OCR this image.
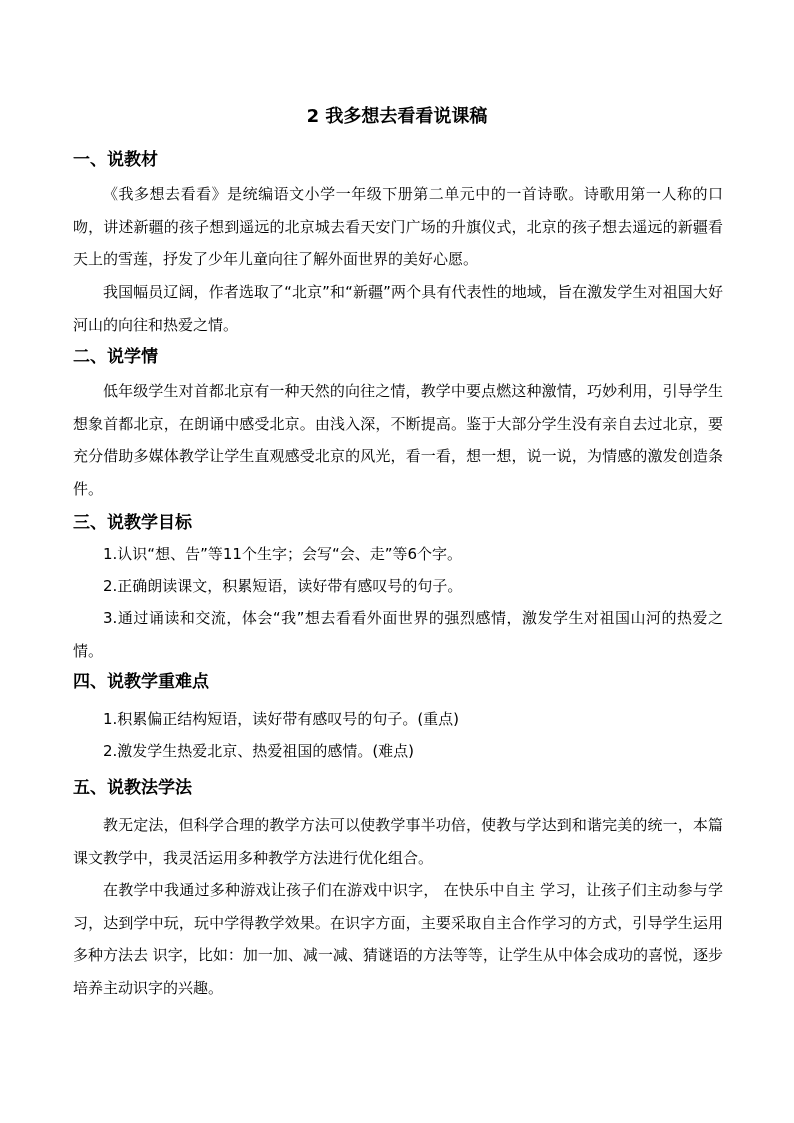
2 我多想去看看说课稿
一、说教材
《我多想去看看》是统编语文小学一年级下册第二单元中的一首诗歌。诗歌用第一人称的口吻，讲述新疆的孩子想到遥远的北京城去看天安门广场的升旗仪式，北京的孩子想去遥远的新疆看天上的雪莲，抒发了少年儿童向往了解外面世界的美好心愿。
我国幅员辽阔，作者选取了“北京”和“新疆”两个具有代表性的地域，旨在激发学生对祖国大好河山的向往和热爱之情。
二、说学情
低年级学生对首都北京有一种天然的向往之情，教学中要点燃这种激情，巧妙利用，引导学生想象首都北京，在朗诵中感受北京。由浅入深，不断提高。鉴于大部分学生没有亲自去过北京，要充分借助多媒体教学让学生直观感受北京的风光，看一看，想一想，说一说，为情感的激发创造条件。
三、说教学目标
1.认识“想、告”等11个生字；会写“会、走”等6个字。
2.正确朗读课文，积累短语，读好带有感叹号的句子。
3.通过诵读和交流，体会“我”想去看看外面世界的强烈感情，激发学生对祖国山河的热爱之情。
四、说教学重难点
1.积累偏正结构短语，读好带有感叹号的句子。(重点)
2.激发学生热爱北京、热爱祖国的感情。(难点)
五、说教法学法
教无定法，但科学合理的教学方法可以使教学事半功倍，使教与学达到和谐完美的统一，本篇课文教学中，我灵活运用多种教学方法进行优化组合。
在教学中我通过多种游戏让孩子们在游戏中识字， 在快乐中自主 学习，让孩子们主动参与学习，达到学中玩，玩中学得教学效果。在识字方面，主要采取自主合作学习的方式，引导学生运用多种方法去 识字，比如：加一加、减一减、猜谜语的方法等等，让学生从中体会成功的喜悦，逐步培养主动识字的兴趣。
